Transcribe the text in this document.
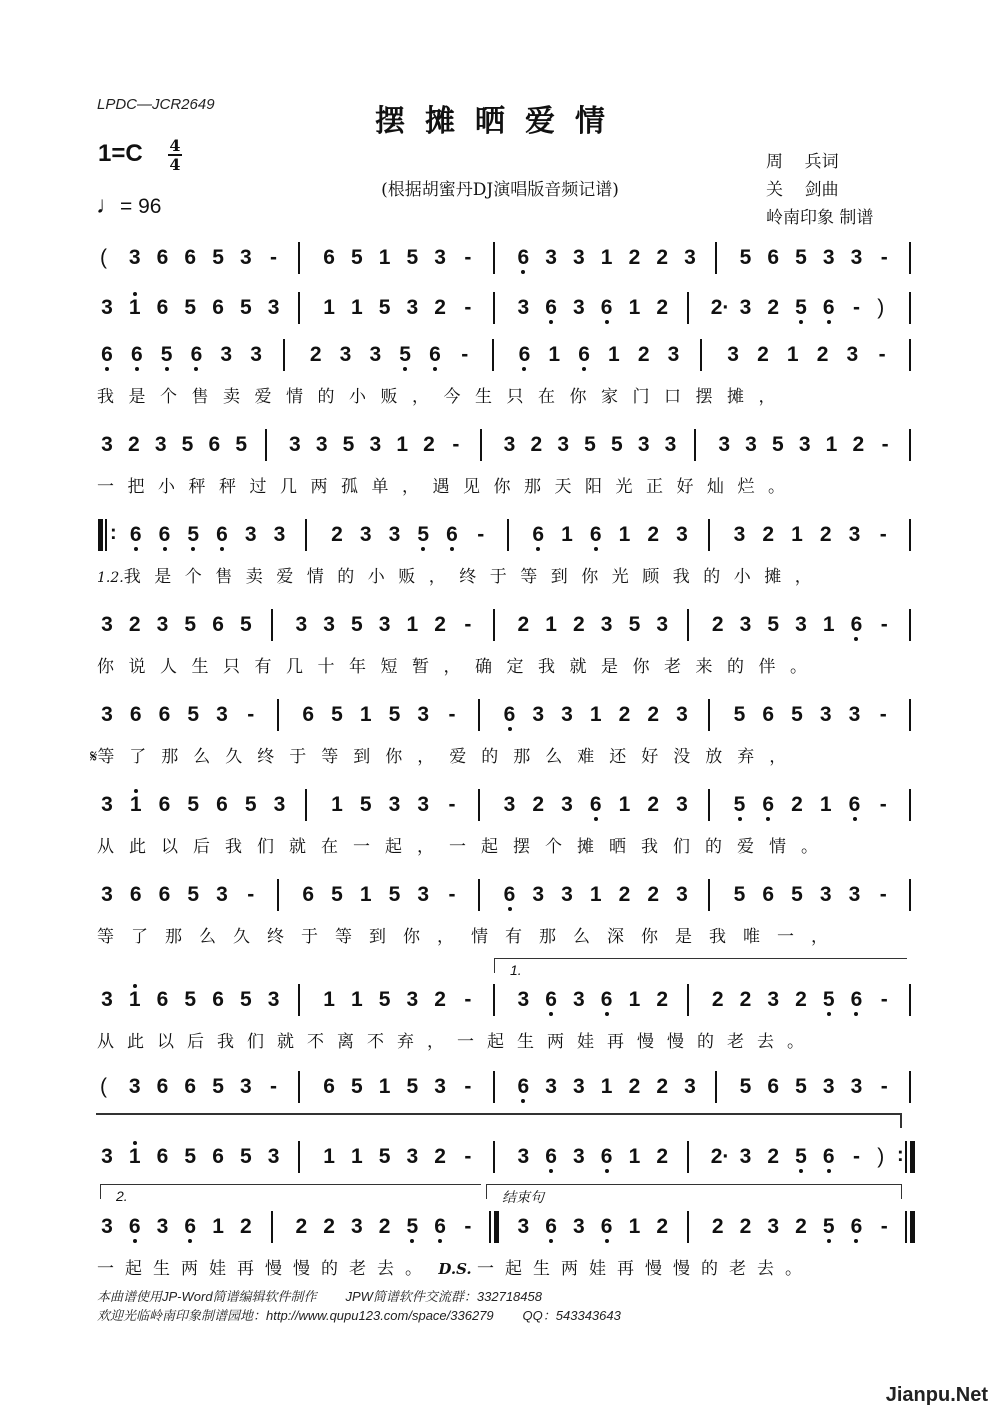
LPDC—JCR2649	摆摊晒爱情
1=C 4
4
♩= 96
(根据胡蜜丹DJ演唱版音频记谱)
周    兵词
关    剑曲
岭南印象 制谱
( 3 6 6 5 3 - 6 5 1 5 3 - 6 3 3 1 2 2 3 5 6 5 3 3 -
3 1 6 5 6 5 3 1 1 5 3 2 - 3 6 3 6 1 2 2· 3 2 5 6 - )
6 6 5 6 3 3 2 3 3 5 6 - 6 1 6 1 2 3 3 2 1 2 3 -
3 2 3 5 6 5 3 3 5 3 1 2 - 3 2 3 5 5 3 3 3 3 5 3 1 2 -
: 6 6 5 6 3 3 2 3 3 5 6 - 6 1 6 1 2 3 3 2 1 2 3 -
3 2 3 5 6 5 3 3 5 3 1 2 - 2 1 2 3 5 3 2 3 5 3 1 6 -
3 6 6 5 3 - 6 5 1 5 3 - 6 3 3 1 2 2 3 5 6 5 3 3 -
3 1 6 5 6 5 3 1 5 3 3 - 3 2 3 6 1 2 3 5 6 2 1 6 -
3 6 6 5 3 - 6 5 1 5 3 - 6 3 3 1 2 2 3 5 6 5 3 3 -
3 1 6 5 6 5 3 1 1 5 3 2 - 3 6 3 6 1 2 2 2 3 2 5 6 -
( 3 6 6 5 3 - 6 5 1 5 3 - 6 3 3 1 2 2 3 5 6 5 3 3 -
3 1 6 5 6 5 3 1 1 5 3 2 - 3 6 3 6 1 2 2· 3 2 5 6 - ) :
3 6 3 6 1 2 2 2 3 2 5 6 - 3 6 3 6 1 2 2 2 3 2 5 6 -
我是个售卖爱情的小贩，今生只在你家门口摆摊，
一把小秤秤过几两孤单，遇见你那天阳光正好灿烂。
1.2.我是个售卖爱情的小贩，终于等到你光顾我的小摊，
你说人生只有几十年短暂，确定我就是你老来的伴。
𝄋等了那么久终于等到你，爱的那么难还好没放弃，
从此以后我们就在一起，一起摆个摊晒我们的爱情。
等了那么久终于等到你，情有那么深你是我唯一，
从此以后我们就不离不弃，一起生两娃再慢慢的老去。
一起生两娃再慢慢的老去。 D.S. 一起生两娃再慢慢的老去。
1.
2.	结束句
本曲谱使用JP-Word简谱编辑软件制作        JPW简谱软件交流群：332718458
欢迎光临岭南印象制谱园地：http://www.qupu123.com/space/336279        QQ：543343643
Jianpu.Net
